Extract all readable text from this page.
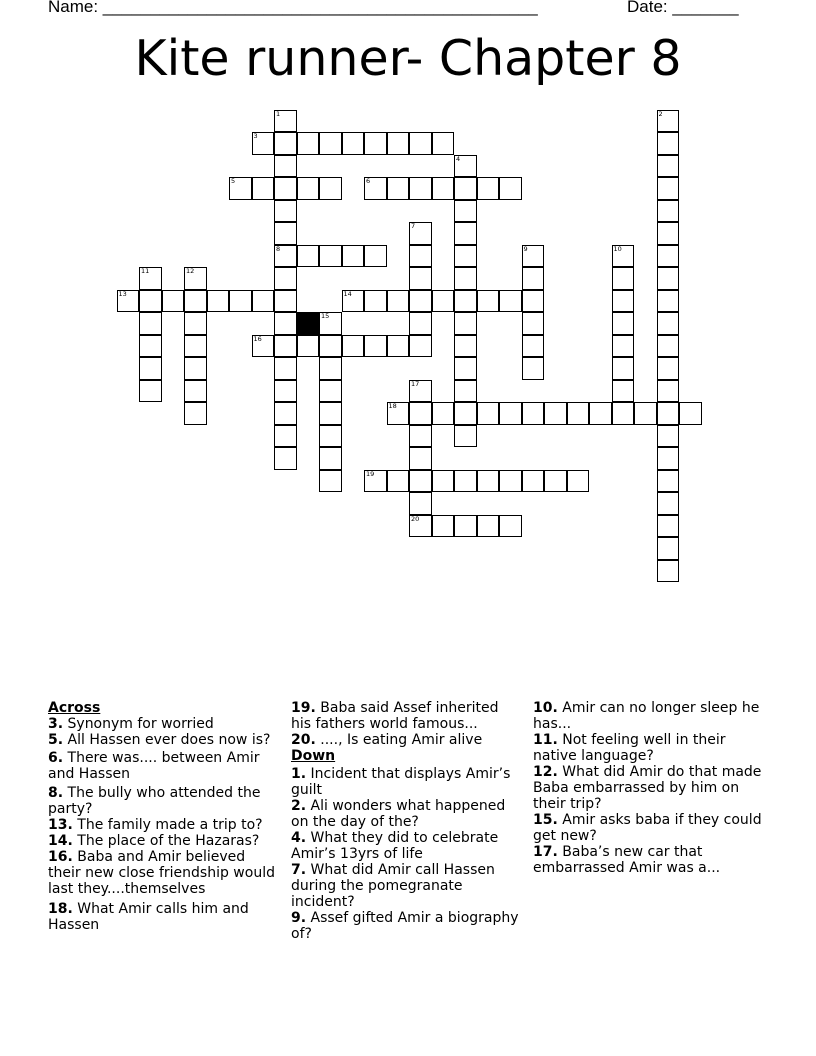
Name: ______________________________________________	Date: _______
Kite runner- Chapter 8
1
8
2
3
4
5	6
7
9	10
11	12
13	14
15
16
17
20
18
19
Across
3. Synonym for worried
5. All Hassen ever does now is?
6. There was.... between Amir and Hassen
8. The bully who attended the party?
13. The family made a trip to?
14. The place of the Hazaras?
16. Baba and Amir believed their new close friendship would last they....themselves
18. What Amir calls him and Hassen
19. Baba said Assef inherited his fathers world famous...
20. ...., Is eating Amir alive
Down
1. Incident that displays Amir’s guilt
2. Ali wonders what happened on the day of the?
4. What they did to celebrate Amir’s 13yrs of life
7. What did Amir call Hassen during the pomegranate incident?
9. Assef gifted Amir a biography of?
10. Amir can no longer sleep he has...
11. Not feeling well in their native language?
12. What did Amir do that made Baba embarrassed by him on their trip?
15. Amir asks baba if they could get new?
17. Baba’s new car that embarrassed Amir was a...
